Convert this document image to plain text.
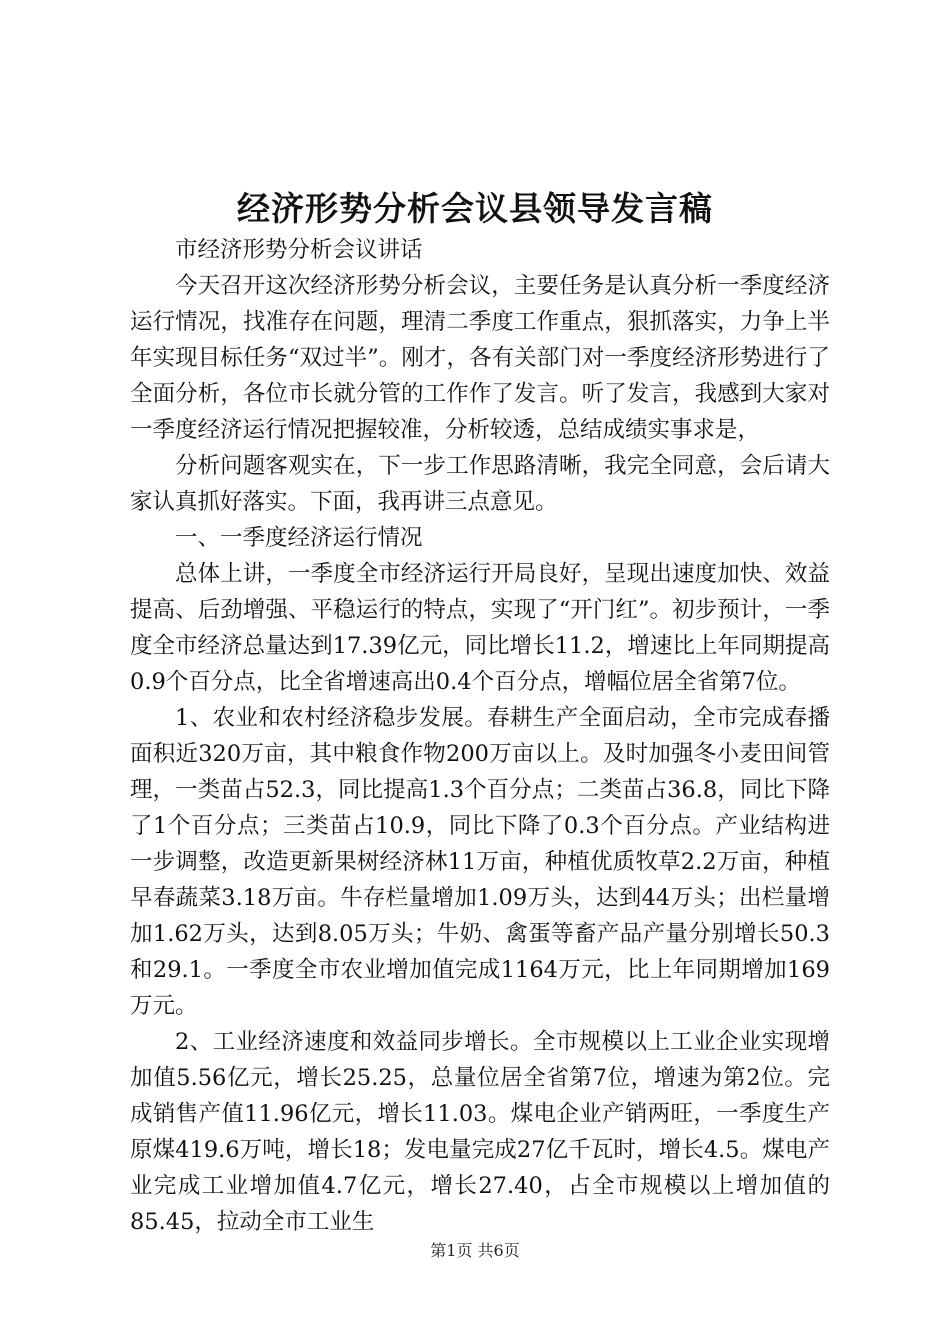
经济形势分析会议县领导发言稿

市经济形势分析会议讲话

今天召开这次经济形势分析会议，主要任务是认真分析一季度经济运行情况，找准存在问题，理清二季度工作重点，狠抓落实，力争上半年实现目标任务“双过半”。刚才，各有关部门对一季度经济形势进行了全面分析，各位市长就分管的工作作了发言。听了发言，我感到大家对一季度经济运行情况把握较准，分析较透，总结成绩实事求是，

分析问题客观实在，下一步工作思路清晰，我完全同意，会后请大家认真抓好落实。下面，我再讲三点意见。

一、一季度经济运行情况

总体上讲，一季度全市经济运行开局良好，呈现出速度加快、效益提高、后劲增强、平稳运行的特点，实现了“开门红”。初步预计，一季度全市经济总量达到17.39亿元，同比增长11.2，增速比上年同期提高0.9个百分点，比全省增速高出0.4个百分点，增幅位居全省第7位。

1、农业和农村经济稳步发展。春耕生产全面启动，全市完成春播面积近320万亩，其中粮食作物200万亩以上。及时加强冬小麦田间管理，一类苗占52.3，同比提高1.3个百分点；二类苗占36.8，同比下降了1个百分点；三类苗占10.9，同比下降了0.3个百分点。产业结构进一步调整，改造更新果树经济林11万亩，种植优质牧草2.2万亩，种植早春蔬菜3.18万亩。牛存栏量增加1.09万头，达到44万头；出栏量增加1.62万头，达到8.05万头；牛奶、禽蛋等畜产品产量分别增长50.3和29.1。一季度全市农业增加值完成1164万元，比上年同期增加169万元。

2、工业经济速度和效益同步增长。全市规模以上工业企业实现增加值5.56亿元，增长25.25，总量位居全省第7位，增速为第2位。完成销售产值11.96亿元，增长11.03。煤电企业产销两旺，一季度生产原煤419.6万吨，增长18；发电量完成27亿千瓦时，增长4.5。煤电产业完成工业增加值4.7亿元，增长27.40，占全市规模以上增加值的85.45，拉动全市工业生

第1页 共6页
